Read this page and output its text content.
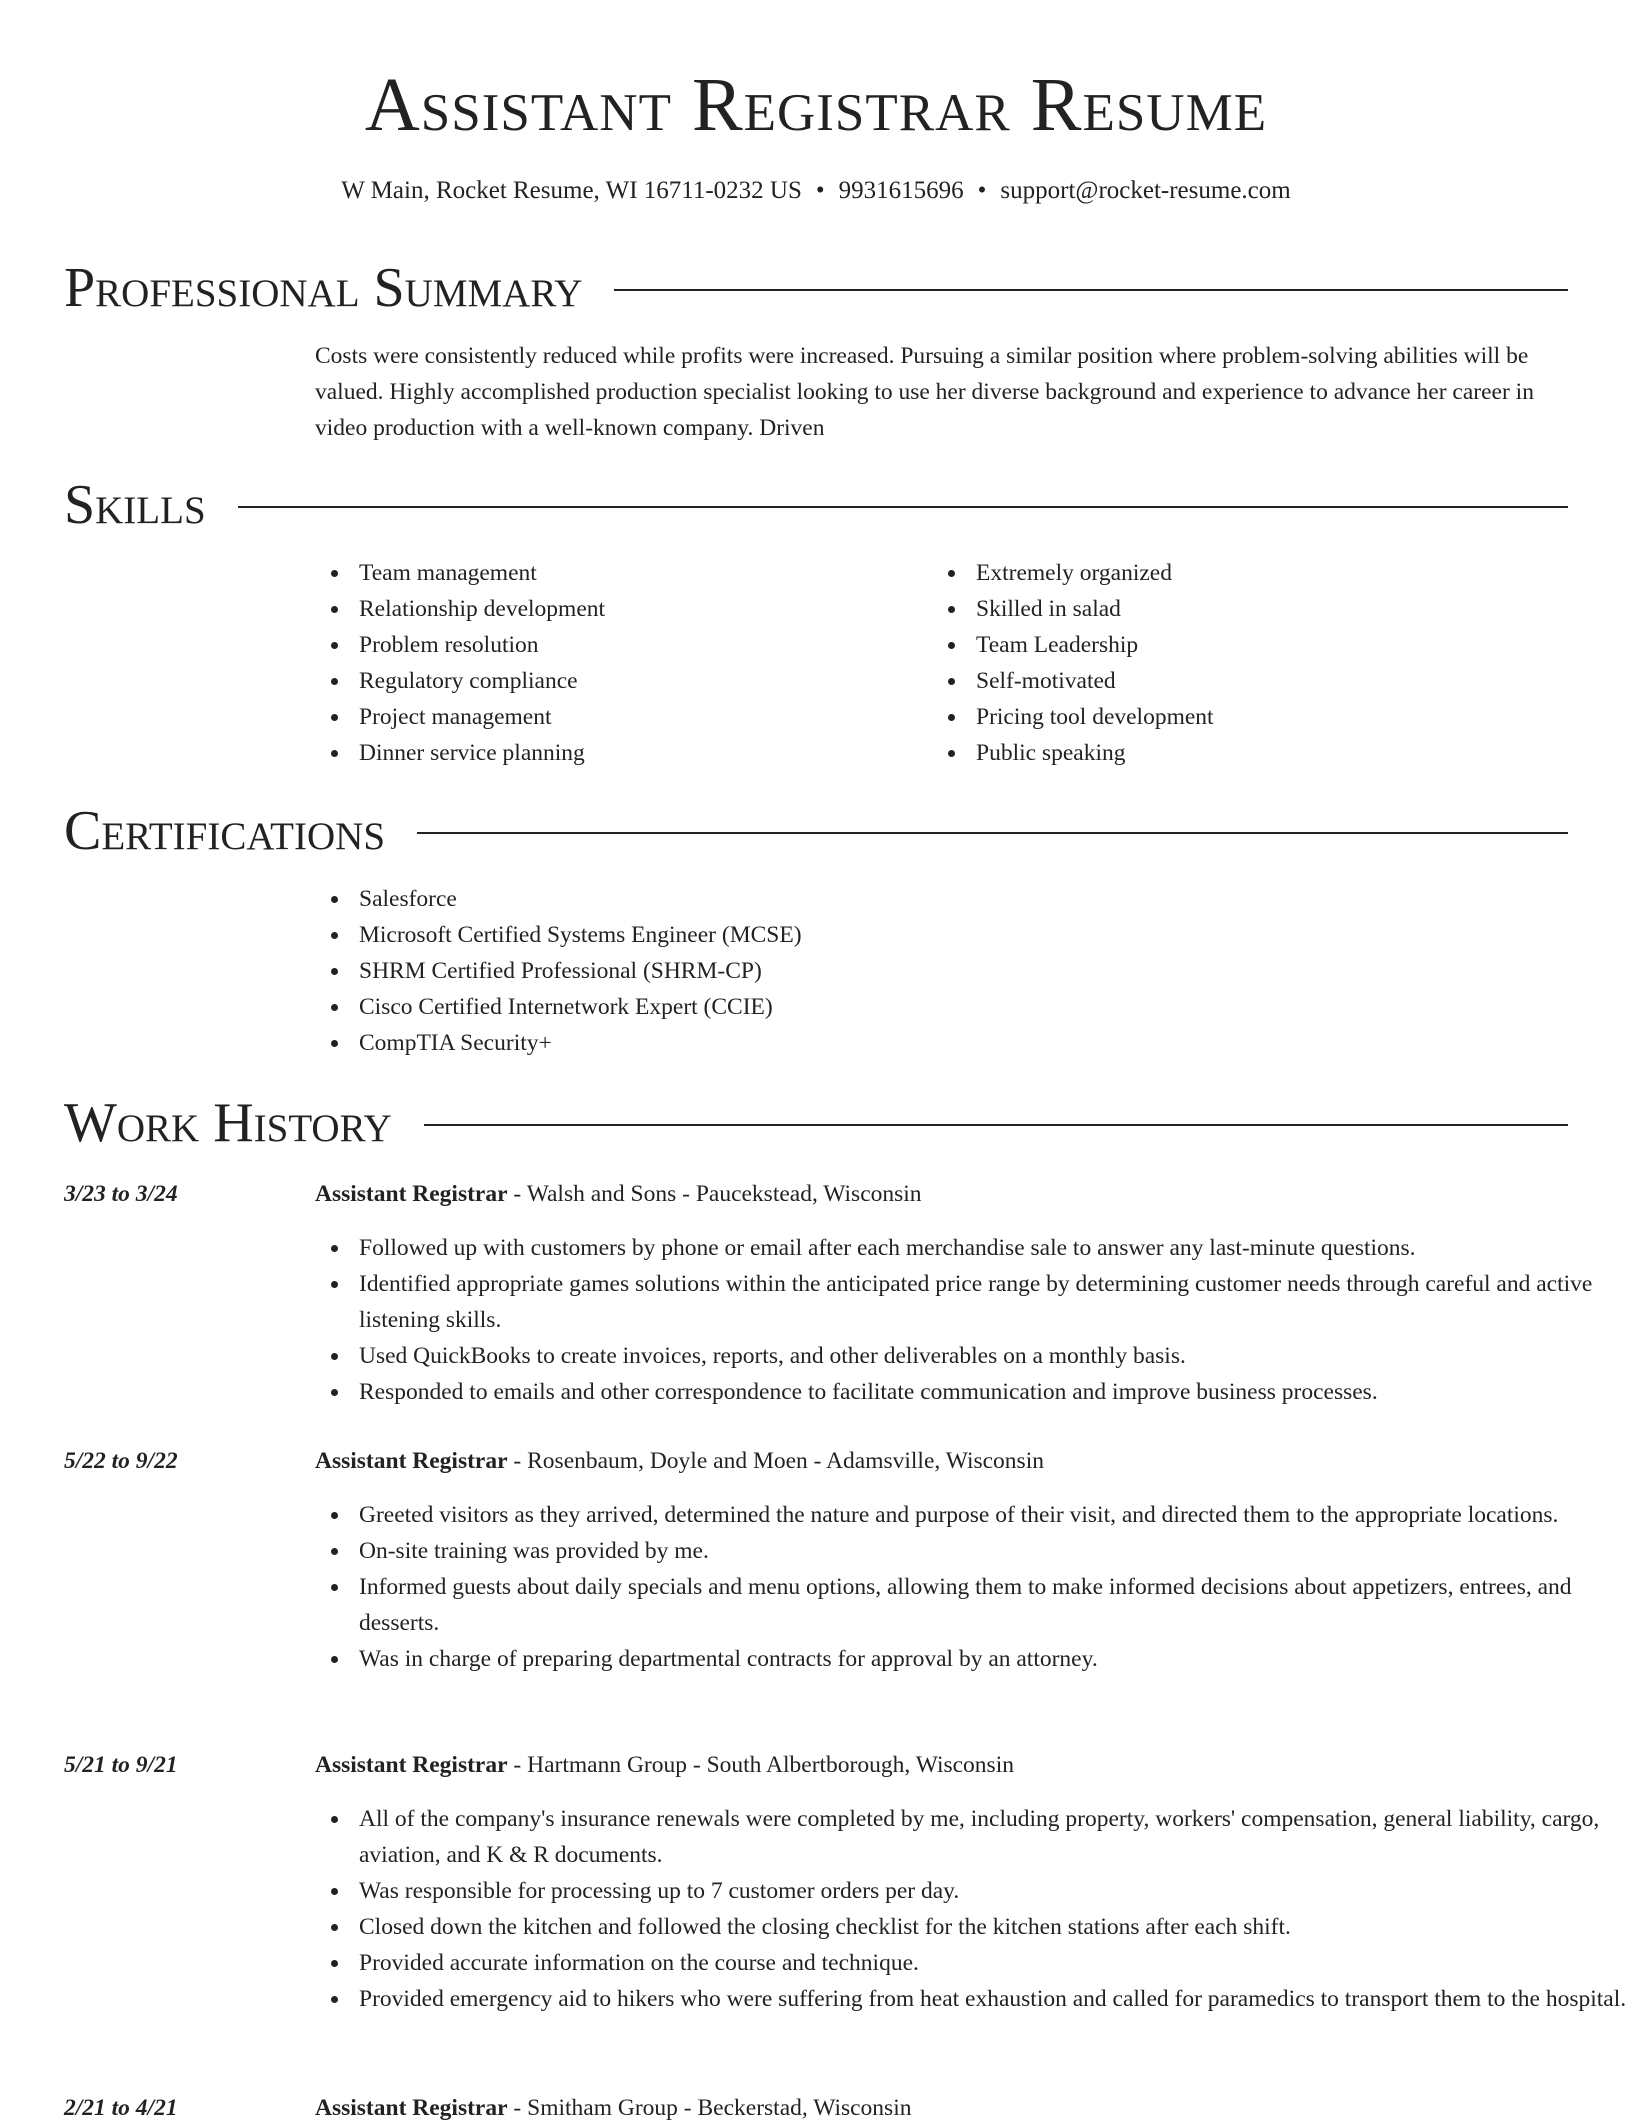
Assistant Registrar Resume
W Main, Rocket Resume, WI 16711-0232 US • 9931615696 • support@rocket-resume.com
Professional Summary

Costs were consistently reduced while profits were increased. Pursuing a similar position where problem-solving abilities will be valued. Highly accomplished production specialist looking to use her diverse background and experience to advance her career in video production with a well-known company. Driven

Skills
Team management
Relationship development
Problem resolution
Regulatory compliance
Project management
Dinner service planning
Extremely organized
Skilled in salad
Team Leadership
Self-motivated
Pricing tool development
Public speaking
Certifications
Salesforce
Microsoft Certified Systems Engineer (MCSE)
SHRM Certified Professional (SHRM-CP)
Cisco Certified Internetwork Expert (CCIE)
CompTIA Security+
Work History
3/23 to 3/24	Assistant Registrar - Walsh and Sons - Paucekstead, Wisconsin
Followed up with customers by phone or email after each merchandise sale to answer any last-minute questions.
Identified appropriate games solutions within the anticipated price range by determining customer needs through careful and active listening skills.
Used QuickBooks to create invoices, reports, and other deliverables on a monthly basis.
Responded to emails and other correspondence to facilitate communication and improve business processes.
5/22 to 9/22	Assistant Registrar - Rosenbaum, Doyle and Moen - Adamsville, Wisconsin
Greeted visitors as they arrived, determined the nature and purpose of their visit, and directed them to the appropriate locations.
On-site training was provided by me.
Informed guests about daily specials and menu options, allowing them to make informed decisions about appetizers, entrees, and desserts.
Was in charge of preparing departmental contracts for approval by an attorney.
5/21 to 9/21	Assistant Registrar - Hartmann Group - South Albertborough, Wisconsin
All of the company's insurance renewals were completed by me, including property, workers' compensation, general liability, cargo, aviation, and K & R documents.
Was responsible for processing up to 7 customer orders per day.
Closed down the kitchen and followed the closing checklist for the kitchen stations after each shift.
Provided accurate information on the course and technique.
Provided emergency aid to hikers who were suffering from heat exhaustion and called for paramedics to transport them to the hospital.
2/21 to 4/21	Assistant Registrar - Smitham Group - Beckerstad, Wisconsin
